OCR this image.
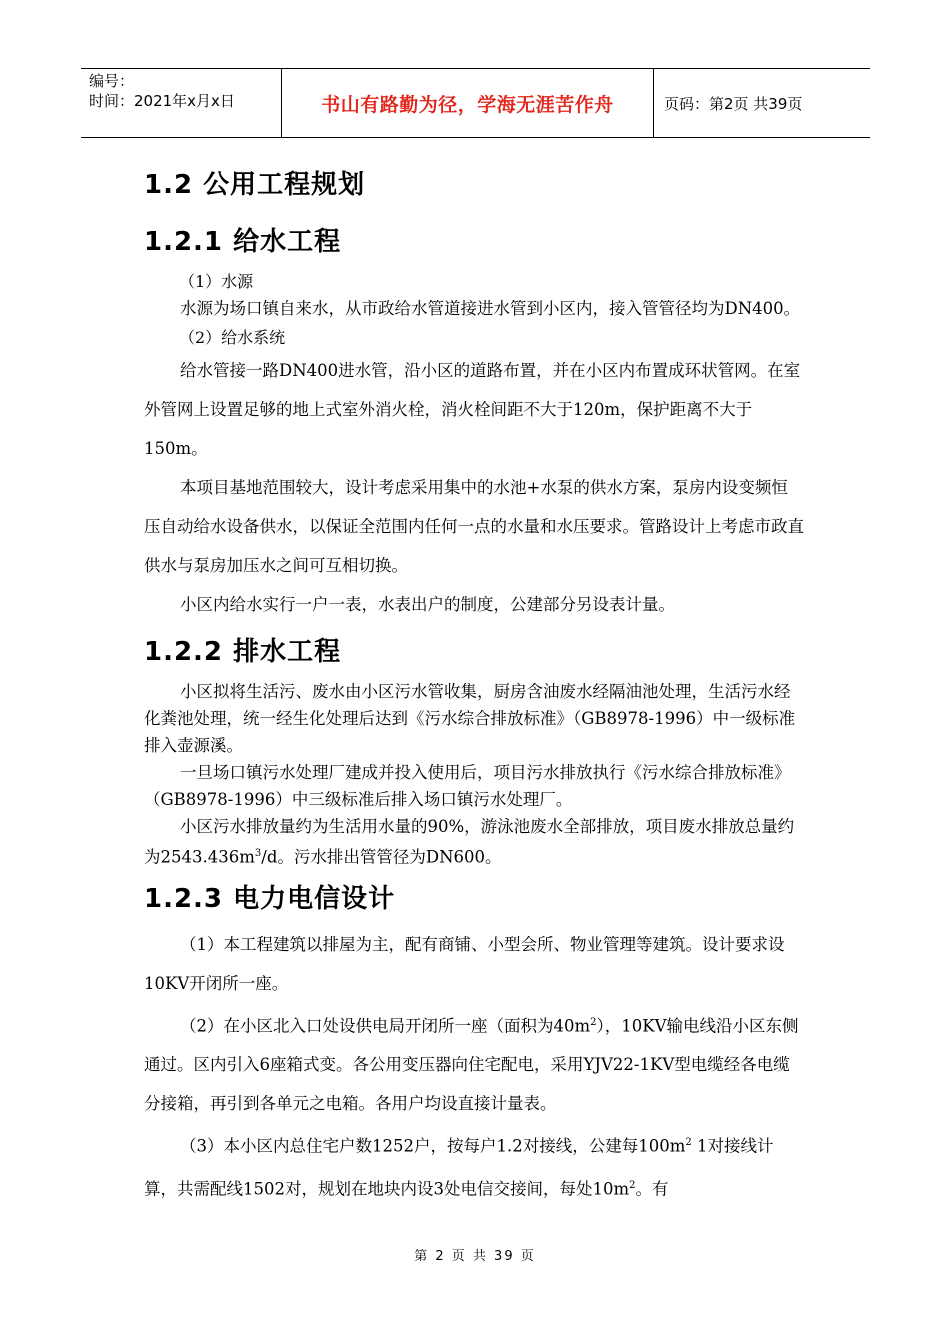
编号：
时间：2021年x月x日	书山有路勤为径，学海无涯苦作舟	页码：第2页 共39页
1.2 公用工程规划
1.2.1 给水工程
（1）水源

水源为场口镇自来水，从市政给水管道接进水管到小区内，接入管管径均为DN400。

（2）给水系统

给水管接一路DN400进水管，沿小区的道路布置，并在小区内布置成环状管网。在室外管网上设置足够的地上式室外消火栓，消火栓间距不大于120m，保护距离不大于150m。

本项目基地范围较大，设计考虑采用集中的水池+水泵的供水方案，泵房内设变频恒压自动给水设备供水，以保证全范围内任何一点的水量和水压要求。管路设计上考虑市政直供水与泵房加压水之间可互相切换。

小区内给水实行一户一表，水表出户的制度，公建部分另设表计量。

1.2.2 排水工程

小区拟将生活污、废水由小区污水管收集，厨房含油废水经隔油池处理，生活污水经化粪池处理，统一经生化处理后达到《污水综合排放标准》（GB8978-1996）中一级标准排入壶源溪。

一旦场口镇污水处理厂建成并投入使用后，项目污水排放执行《污水综合排放标准》（GB8978-1996）中三级标准后排入场口镇污水处理厂。

小区污水排放量约为生活用水量的90%，游泳池废水全部排放，项目废水排放总量约为$2543.436m^3/d$。污水排出管管径为DN600。

1.2.3 电力电信设计

（1）本工程建筑以排屋为主，配有商铺、小型会所、物业管理等建筑。设计要求设10KV开闭所一座。

（2）在小区北入口处设供电局开闭所一座（面积为$40m^2$），10KV输电线沿小区东侧通过。区内引入6座箱式变。各公用变压器向住宅配电，采用YJV22-1KV型电缆经各电缆分接箱，再引到各单元之电箱。各用户均设直接计量表。

（3）本小区内总住宅户数1252户，按每户1.2对接线，公建每$100m^2$ 1对接线计算，共需配线1502对，规划在地块内设3处电信交接间，每处$10m^2$。有

第 2 页 共 39 页
